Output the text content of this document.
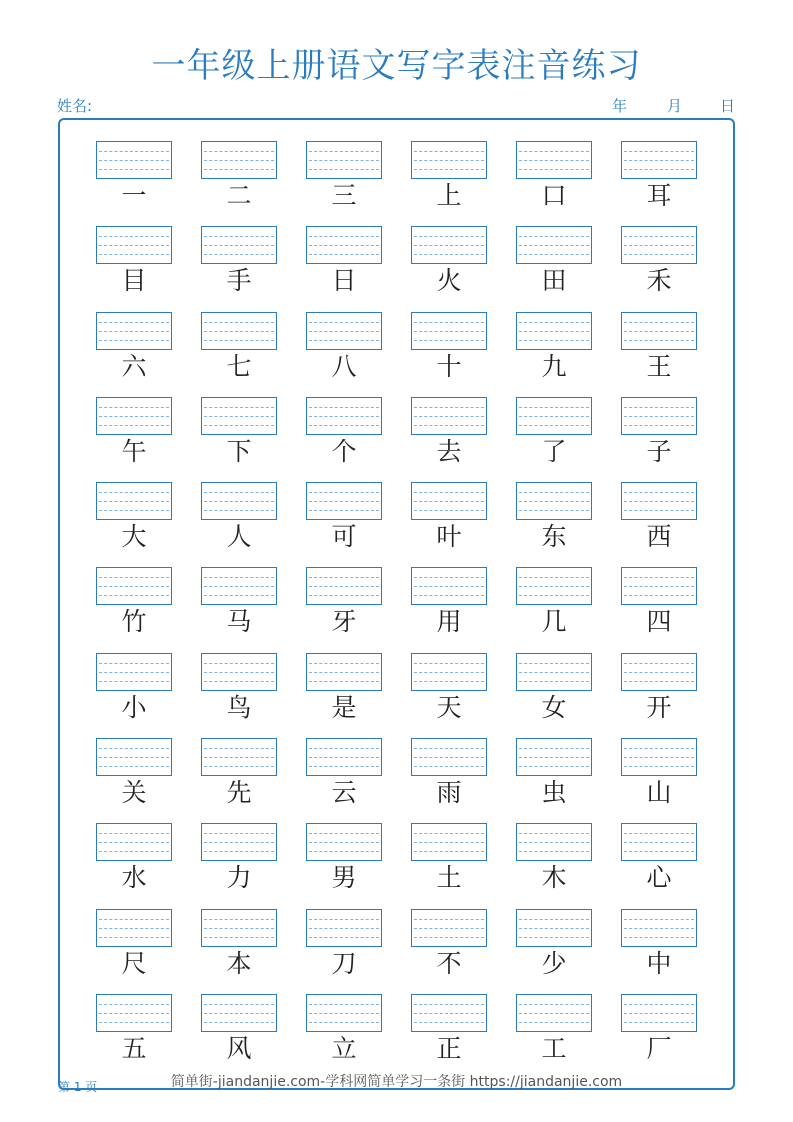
一年级上册语文写字表注音练习
姓名:	年	月	日
一	二	三	上	口	耳
目	手	日	火	田	禾
六	七	八	十	九	王
午	下	个	去	了	子
大	人	可	叶	东	西
竹	马	牙	用	几	四
小	鸟	是	天	女	开
关	先	云	雨	虫	山
水	力	男	土	木	心
尺	本	刀	不	少	中
五	风	立	正	工	厂
第 1 页	简单街-jiandanjie.com-学科网简单学习一条街 https://jiandanjie.com
